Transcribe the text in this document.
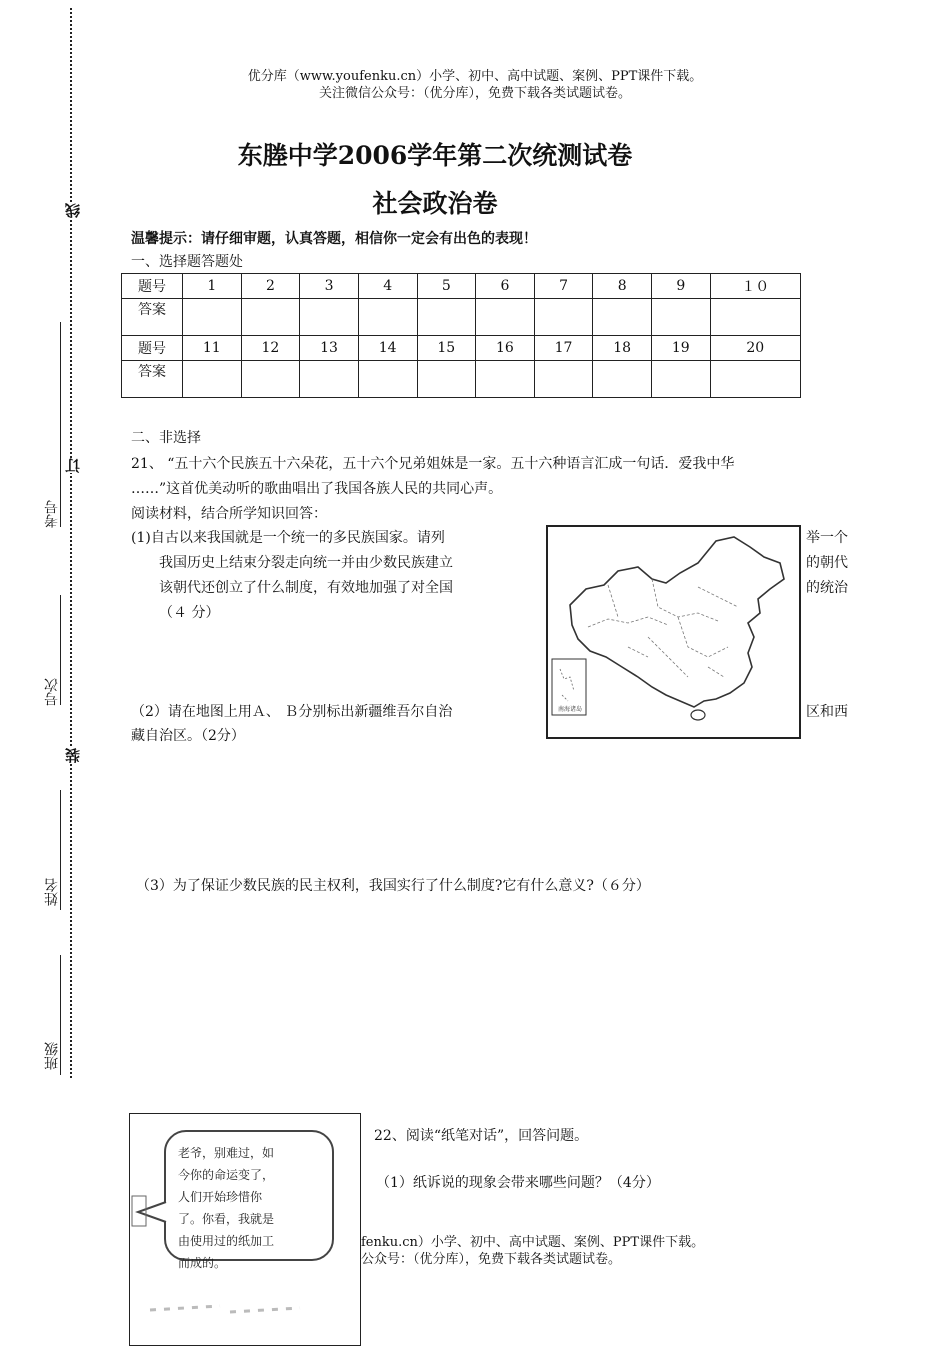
线
订
装
考号
号次
姓名
班级
优分库（www.youfenku.cn）小学、初中、高中试题、案例、PPT课件下载。
关注微信公众号：（优分库），免费下载各类试题试卷。
东塍中学2006学年第二次统测试卷
社会政治卷
温馨提示：请仔细审题，认真答题，相信你一定会有出色的表现！
一、选择题答题处
题号	1	2	3	4	5	6	7	8	9	１０
答案										
题号	11	12	13	14	15	16	17	18	19	20
答案										
二、非选择
21、 “五十六个民族五十六朵花，五十六个兄弟姐妹是一家。五十六种语言汇成一句话．爱我中华
……”这首优美动听的歌曲唱出了我国各族人民的共同心声。
阅读材料，结合所学知识回答：
(1)自古以来我国就是一个统一的多民族国家。请列
我国历史上结束分裂走向统一并由少数民族建立
该朝代还创立了什么制度，有效地加强了对全国
（４ 分）
举一个
的朝代
的统治
（2）请在地图上用Ａ、 Ｂ分别标出新疆维吾尔自治	区和西
藏自治区。（2分）
南海诸岛
（3）为了保证少数民族的民主权利，我国实行了什么制度?它有什么意义?（６分）
老爷，别难过，如
今你的命运变了，
人们开始珍惜你
了。你看，我就是
由使用过的纸加工
而成的。
22、阅读“纸笔对话”，回答问题。
（1）纸诉说的现象会带来哪些问题？（4分）
fenku.cn）小学、初中、高中试题、案例、PPT课件下载。
公众号：（优分库），免费下载各类试题试卷。
